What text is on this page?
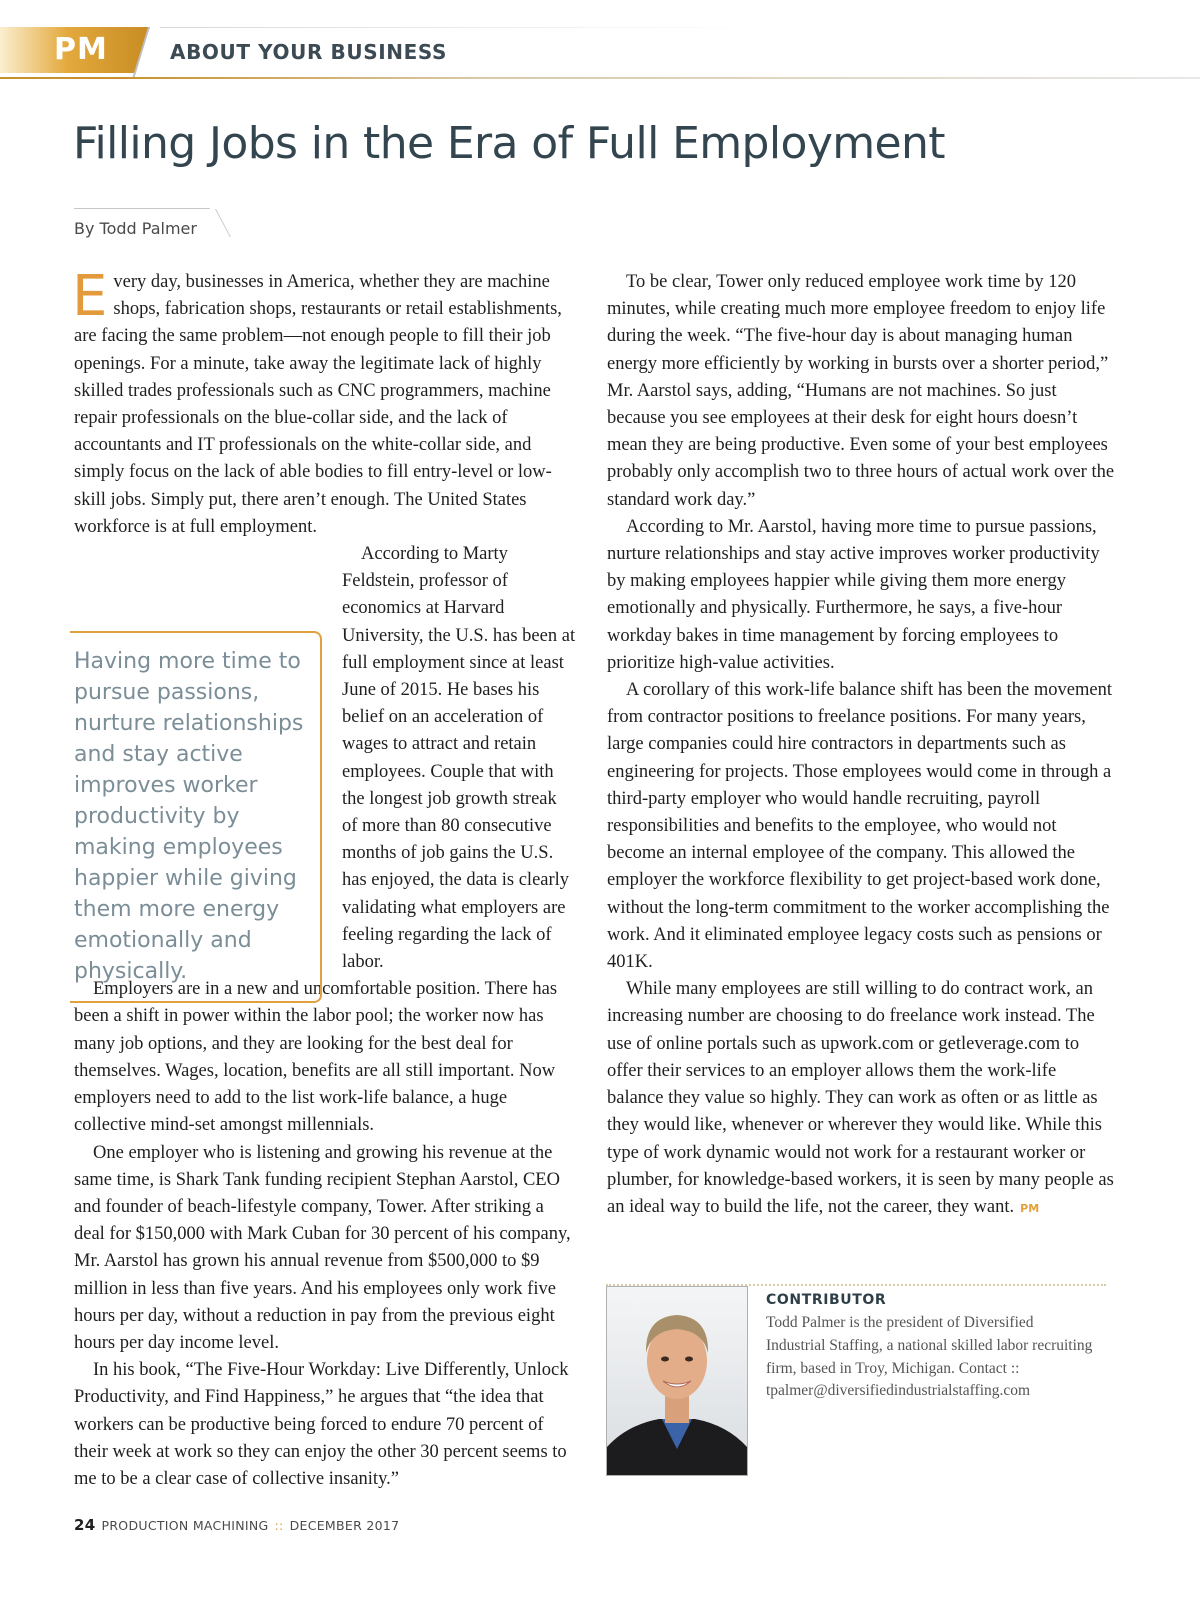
PM	ABOUT YOUR BUSINESS
Filling Jobs in the Era of Full Employment
By Todd Palmer

Every day, businesses in America, whether they are machine shops, fabrication shops, restaurants or retail establishments, are facing the same problem—not enough people to fill their job openings. For a minute, take away the legitimate lack of highly skilled trades professionals such as CNC programmers, machine repair professionals on the blue-collar side, and the lack of accountants and IT professionals on the white-collar side, and simply focus on the lack of able bodies to fill entry-level or low-skill jobs. Simply put, there aren’t enough. The United States workforce is at full employment.

According to Marty Feldstein, professor of economics at Harvard University, the U.S. has been at full employment since at least June of 2015. He bases his belief on an acceleration of wages to attract and retain employees. Couple that with the longest job growth streak of more than 80 consecutive months of job gains the U.S. has enjoyed, the data is clearly validating what employers are feeling regarding the lack of labor.

Employers are in a new and uncomfortable position. There has been a shift in power within the labor pool; the worker now has many job options, and they are looking for the best deal for themselves. Wages, location, benefits are all still important. Now employers need to add to the list work-life balance, a huge collective mind-set amongst millennials.

One employer who is listening and growing his revenue at the same time, is Shark Tank funding recipient Stephan Aarstol, CEO and founder of beach-lifestyle company, Tower. After striking a deal for $150,000 with Mark Cuban for 30 percent of his company, Mr. Aarstol has grown his annual revenue from $500,000 to $9 million in less than five years. And his employees only work five hours per day, without a reduction in pay from the previous eight hours per day income level.

In his book, “The Five-Hour Workday: Live Differently, Unlock Productivity, and Find Happiness,” he argues that “the idea that workers can be productive being forced to endure 70 percent of their week at work so they can enjoy the other 30 percent seems to me to be a clear case of collective insanity.”

Having more time to pursue passions, nurture relationships and stay active improves worker productivity by making employees happier while giving them more energy emotionally and physically.

To be clear, Tower only reduced employee work time by 120 minutes, while creating much more employee freedom to enjoy life during the week. “The five-hour day is about managing human energy more efficiently by working in bursts over a shorter period,” Mr. Aarstol says, adding, “Humans are not machines. So just because you see employees at their desk for eight hours doesn’t mean they are being productive. Even some of your best employees probably only accomplish two to three hours of actual work over the standard work day.”

According to Mr. Aarstol, having more time to pursue passions, nurture relationships and stay active improves worker productivity by making employees happier while giving them more energy emotionally and physically. Furthermore, he says, a five-hour workday bakes in time management by forcing employees to prioritize high-value activities.

A corollary of this work-life balance shift has been the movement from contractor positions to freelance positions. For many years, large companies could hire contractors in departments such as engineering for projects. Those employees would come in through a third-party employer who would handle recruiting, payroll responsibilities and benefits to the employee, who would not become an internal employee of the company. This allowed the employer the workforce flexibility to get project-based work done, without the long-term commitment to the worker accomplishing the work. And it eliminated employee legacy costs such as pensions or 401K.

While many employees are still willing to do contract work, an increasing number are choosing to do freelance work instead. The use of online portals such as upwork.com or getleverage.com to offer their services to an employer allows them the work-life balance they value so highly. They can work as often or as little as they would like, whenever or wherever they would like. While this type of work dynamic would not work for a restaurant worker or plumber, for knowledge-based workers, it is seen by many people as an ideal way to build the life, not the career, they want. PM

CONTRIBUTOR

Todd Palmer is the president of Diversified Industrial Staffing, a national skilled labor recruiting firm, based in Troy, Michigan. Contact :: tpalmer@diversifiedindustrialstaffing.com

24 PRODUCTION MACHINING :: DECEMBER 2017
